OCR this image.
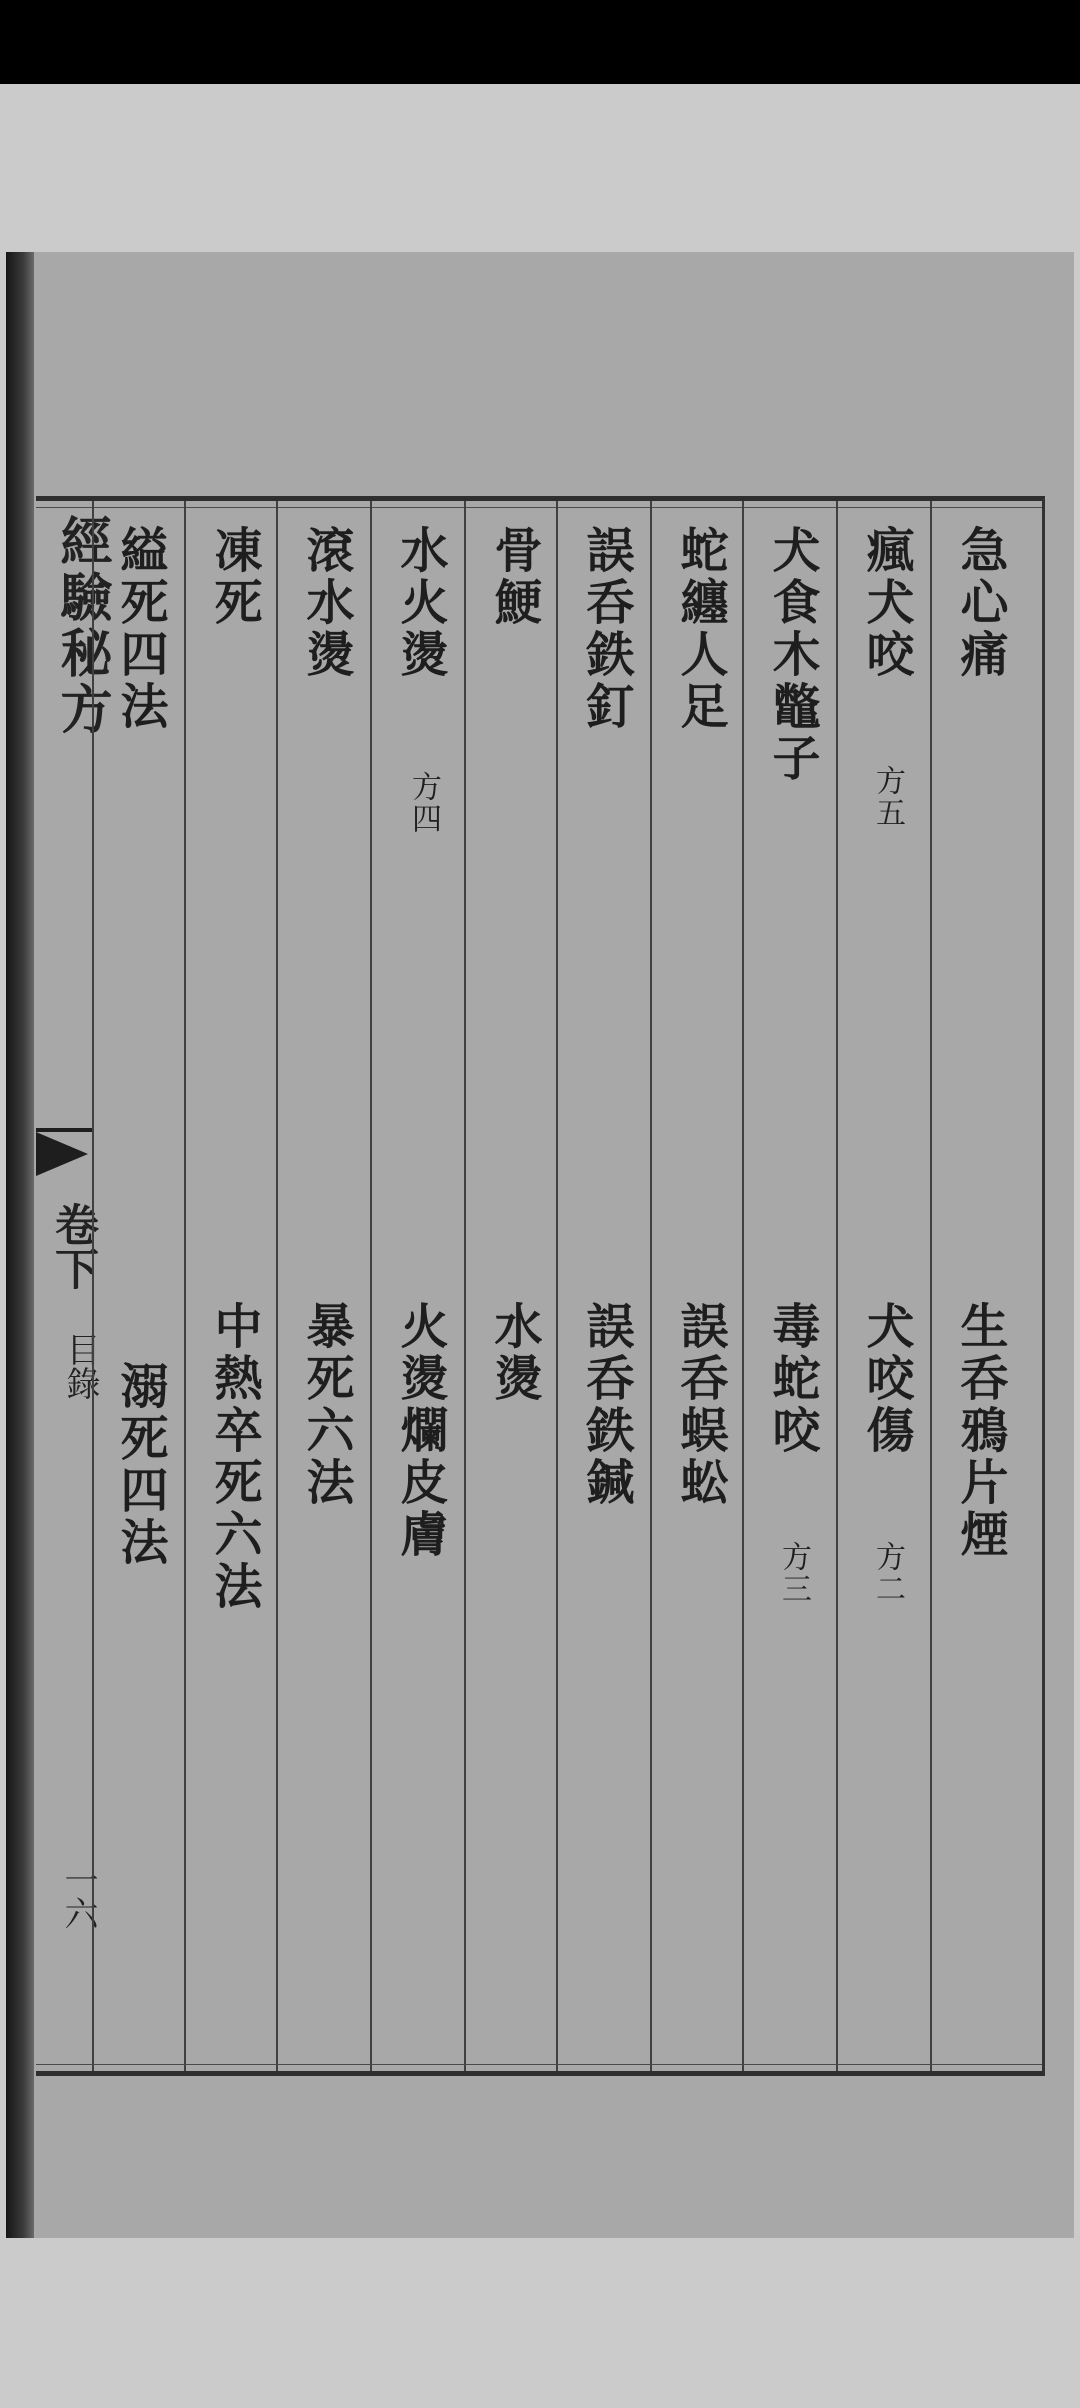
經驗秘方
卷下
目錄
一六
急心痛
生呑鴉片煙
瘋犬咬
方五
犬咬傷
方二
犬食木鼈子
毒蛇咬
方三
蛇纏人足
誤呑蜈蚣
誤呑鉄釘
誤呑鉄鍼
骨鯁
水燙
水火燙
方四
火燙爛皮膚
滾水燙
暴死六法
凍死
中熱卒死六法
縊死四法
溺死四法
